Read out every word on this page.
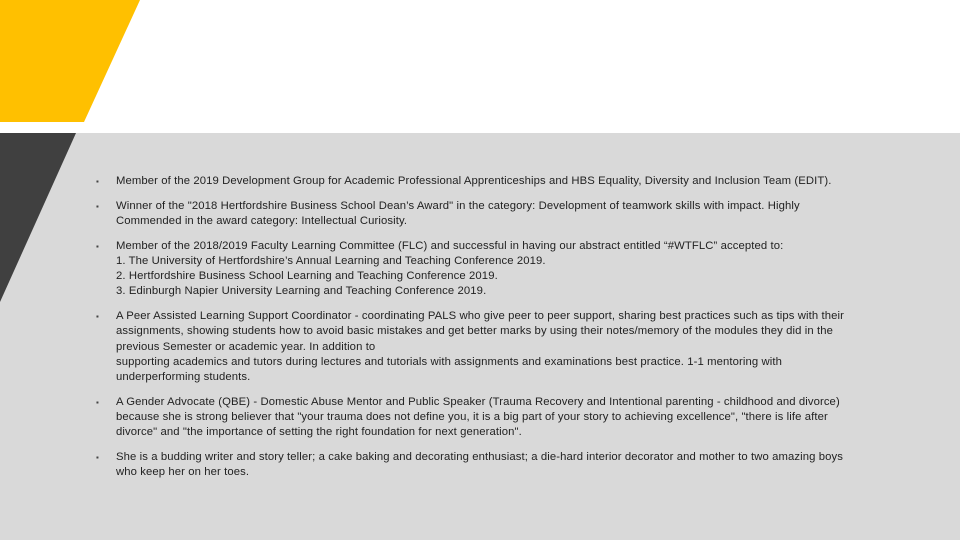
▪ Member of the 2019 Development Group for Academic Professional Apprenticeships and HBS Equality, Diversity and Inclusion Team (EDIT).
▪ Winner of the "2018 Hertfordshire Business School Dean’s Award" in the category: Development of teamwork skills with impact. Highly
Commended in the award category: Intellectual Curiosity.
▪ Member of the 2018/2019 Faculty Learning Committee (FLC) and successful in having our abstract entitled “#WTFLC” accepted to:
1. The University of Hertfordshire’s Annual Learning and Teaching Conference 2019.
2. Hertfordshire Business School Learning and Teaching Conference 2019.
3. Edinburgh Napier University Learning and Teaching Conference 2019.
▪ A Peer Assisted Learning Support Coordinator - coordinating PALS who give peer to peer support, sharing best practices such as tips with their
assignments, showing students how to avoid basic mistakes and get better marks by using their notes/memory of the modules they did in the
previous Semester or academic year. In addition to
supporting academics and tutors during lectures and tutorials with assignments and examinations best practice. 1-1 mentoring with
underperforming students.
▪ A Gender Advocate (QBE) - Domestic Abuse Mentor and Public Speaker (Trauma Recovery and Intentional parenting - childhood and divorce)
because she is strong believer that "your trauma does not define you, it is a big part of your story to achieving excellence", "there is life after
divorce" and "the importance of setting the right foundation for next generation".
▪ She is a budding writer and story teller; a cake baking and decorating enthusiast; a die-hard interior decorator and mother to two amazing boys
who keep her on her toes.
